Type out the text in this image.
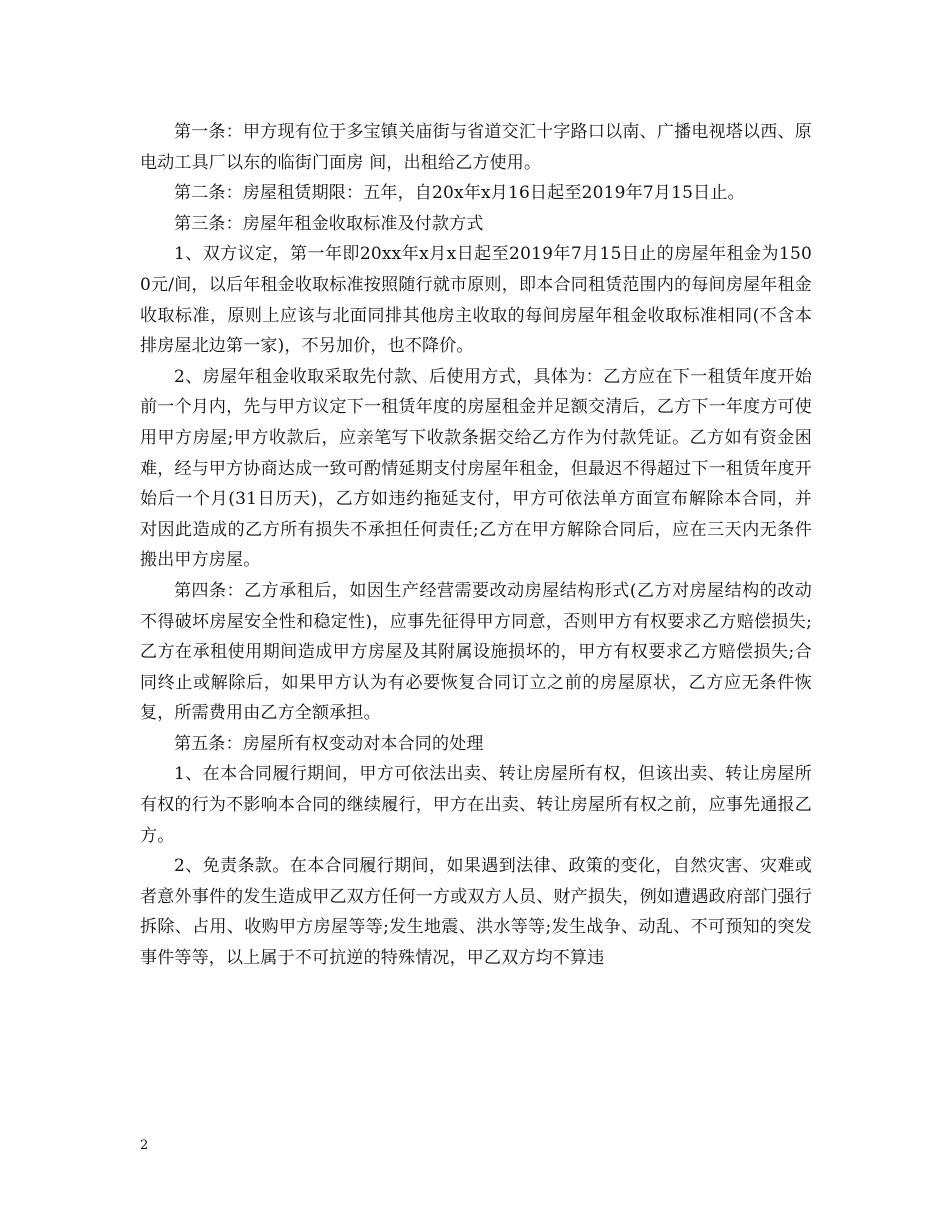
第一条：甲方现有位于多宝镇关庙街与省道交汇十字路口以南、广播电视塔以西、原电动工具厂以东的临街门面房 间，出租给乙方使用。

第二条：房屋租赁期限：五年，自20x年x月16日起至2019年7月15日止。

第三条：房屋年租金收取标准及付款方式

1、双方议定，第一年即20xx年x月x日起至2019年7月15日止的房屋年租金为1500元/间，以后年租金收取标准按照随行就市原则，即本合同租赁范围内的每间房屋年租金收取标准，原则上应该与北面同排其他房主收取的每间房屋年租金收取标准相同(不含本排房屋北边第一家)，不另加价，也不降价。

2、房屋年租金收取采取先付款、后使用方式，具体为：乙方应在下一租赁年度开始前一个月内，先与甲方议定下一租赁年度的房屋租金并足额交清后，乙方下一年度方可使用甲方房屋;甲方收款后，应亲笔写下收款条据交给乙方作为付款凭证。乙方如有资金困难，经与甲方协商达成一致可酌情延期支付房屋年租金，但最迟不得超过下一租赁年度开始后一个月(31日历天)，乙方如违约拖延支付，甲方可依法单方面宣布解除本合同，并对因此造成的乙方所有损失不承担任何责任;乙方在甲方解除合同后，应在三天内无条件搬出甲方房屋。

第四条：乙方承租后，如因生产经营需要改动房屋结构形式(乙方对房屋结构的改动不得破坏房屋安全性和稳定性)，应事先征得甲方同意，否则甲方有权要求乙方赔偿损失;乙方在承租使用期间造成甲方房屋及其附属设施损坏的，甲方有权要求乙方赔偿损失;合同终止或解除后，如果甲方认为有必要恢复合同订立之前的房屋原状，乙方应无条件恢复，所需费用由乙方全额承担。

第五条：房屋所有权变动对本合同的处理

1、在本合同履行期间，甲方可依法出卖、转让房屋所有权，但该出卖、转让房屋所有权的行为不影响本合同的继续履行，甲方在出卖、转让房屋所有权之前，应事先通报乙方。

2、免责条款。在本合同履行期间，如果遇到法律、政策的变化，自然灾害、灾难或者意外事件的发生造成甲乙双方任何一方或双方人员、财产损失，例如遭遇政府部门强行拆除、占用、收购甲方房屋等等;发生地震、洪水等等;发生战争、动乱、不可预知的突发事件等等，以上属于不可抗逆的特殊情况，甲乙双方均不算违

2
